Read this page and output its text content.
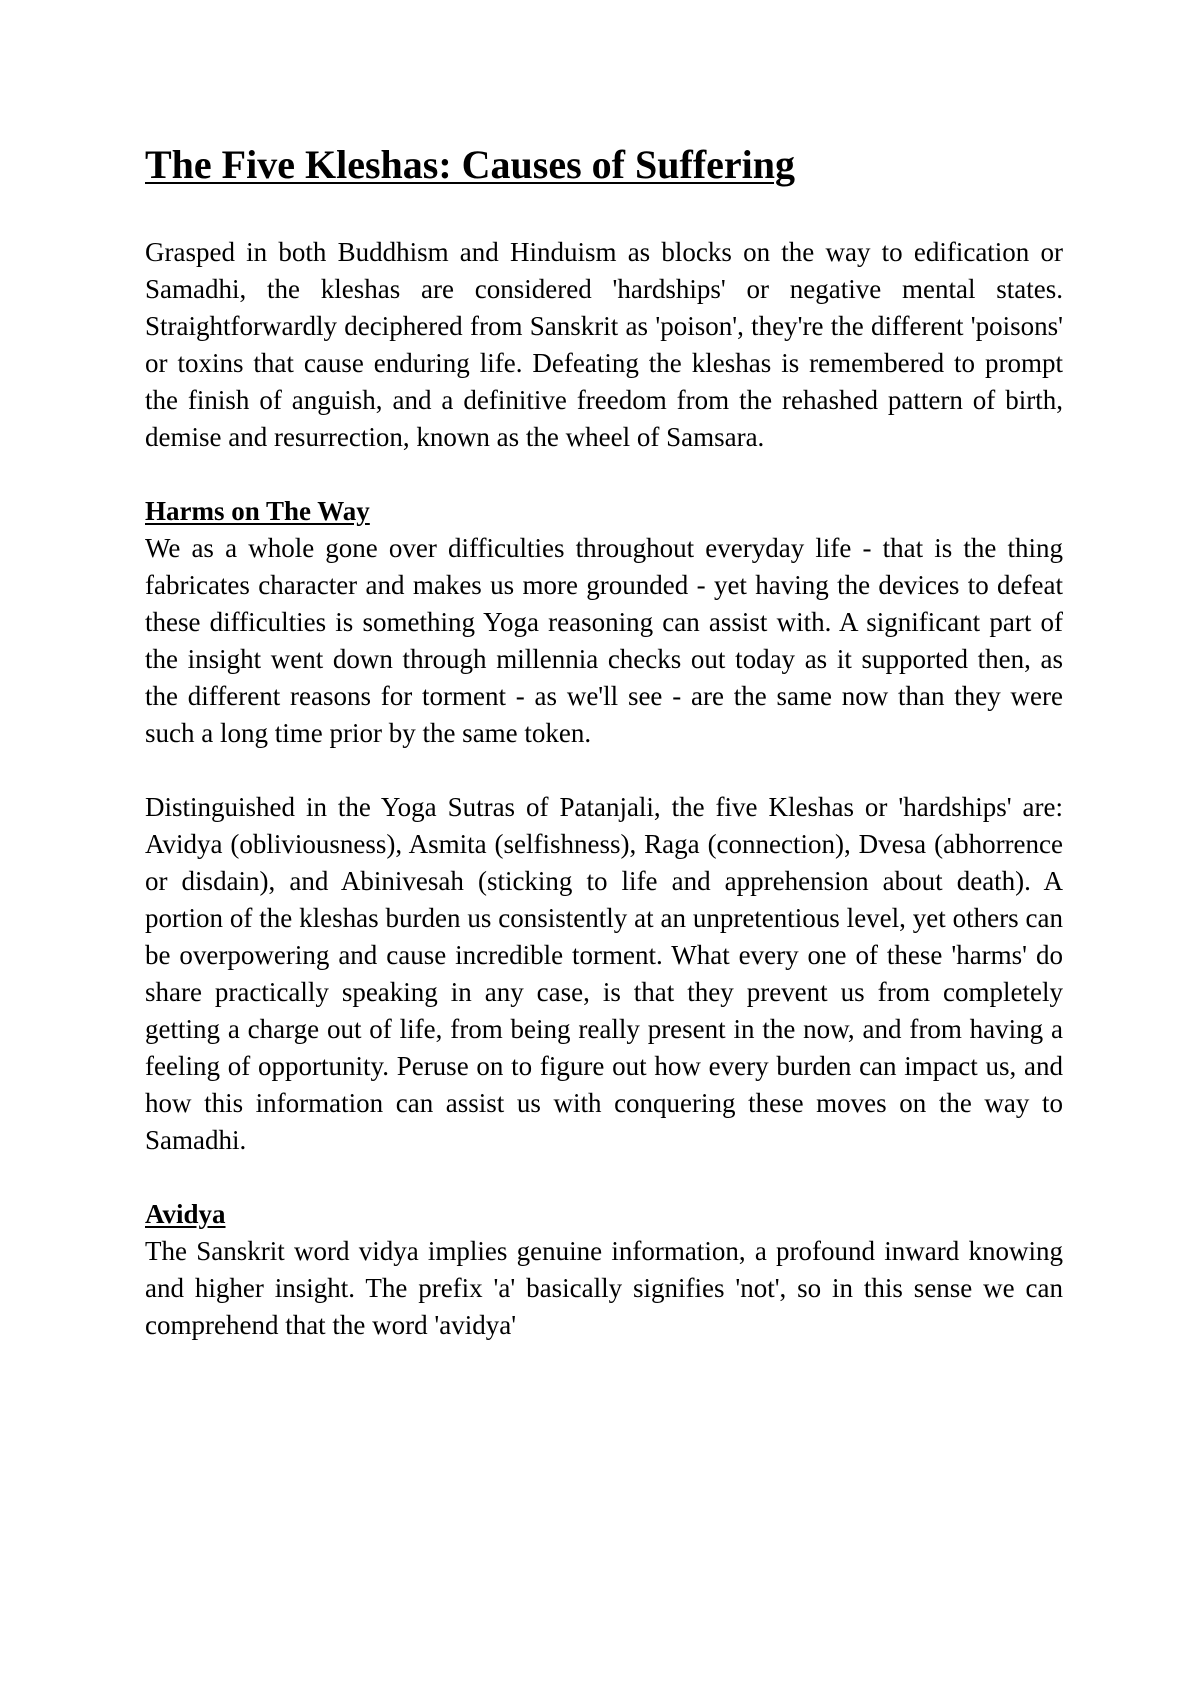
The Five Kleshas: Causes of Suffering

Grasped in both Buddhism and Hinduism as blocks on the way to edification or Samadhi, the kleshas are considered 'hardships' or negative mental states. Straightforwardly deciphered from Sanskrit as 'poison', they're the different 'poisons' or toxins that cause enduring life. Defeating the kleshas is remembered to prompt the finish of anguish, and a definitive freedom from the rehashed pattern of birth, demise and resurrection, known as the wheel of Samsara.

Harms on The Way

We as a whole gone over difficulties throughout everyday life - that is the thing fabricates character and makes us more grounded - yet having the devices to defeat these difficulties is something Yoga reasoning can assist with. A significant part of the insight went down through millennia checks out today as it supported then, as the different reasons for torment - as we'll see - are the same now than they were such a long time prior by the same token.

Distinguished in the Yoga Sutras of Patanjali, the five Kleshas or 'hardships' are: Avidya (obliviousness), Asmita (selfishness), Raga (connection), Dvesa (abhorrence or disdain), and Abinivesah (sticking to life and apprehension about death). A portion of the kleshas burden us consistently at an unpretentious level, yet others can be overpowering and cause incredible torment. What every one of these 'harms' do share practically speaking in any case, is that they prevent us from completely getting a charge out of life, from being really present in the now, and from having a feeling of opportunity. Peruse on to figure out how every burden can impact us, and how this information can assist us with conquering these moves on the way to Samadhi.

Avidya

The Sanskrit word vidya implies genuine information, a profound inward knowing and higher insight. The prefix 'a' basically signifies 'not', so in this sense we can comprehend that the word 'avidya'
